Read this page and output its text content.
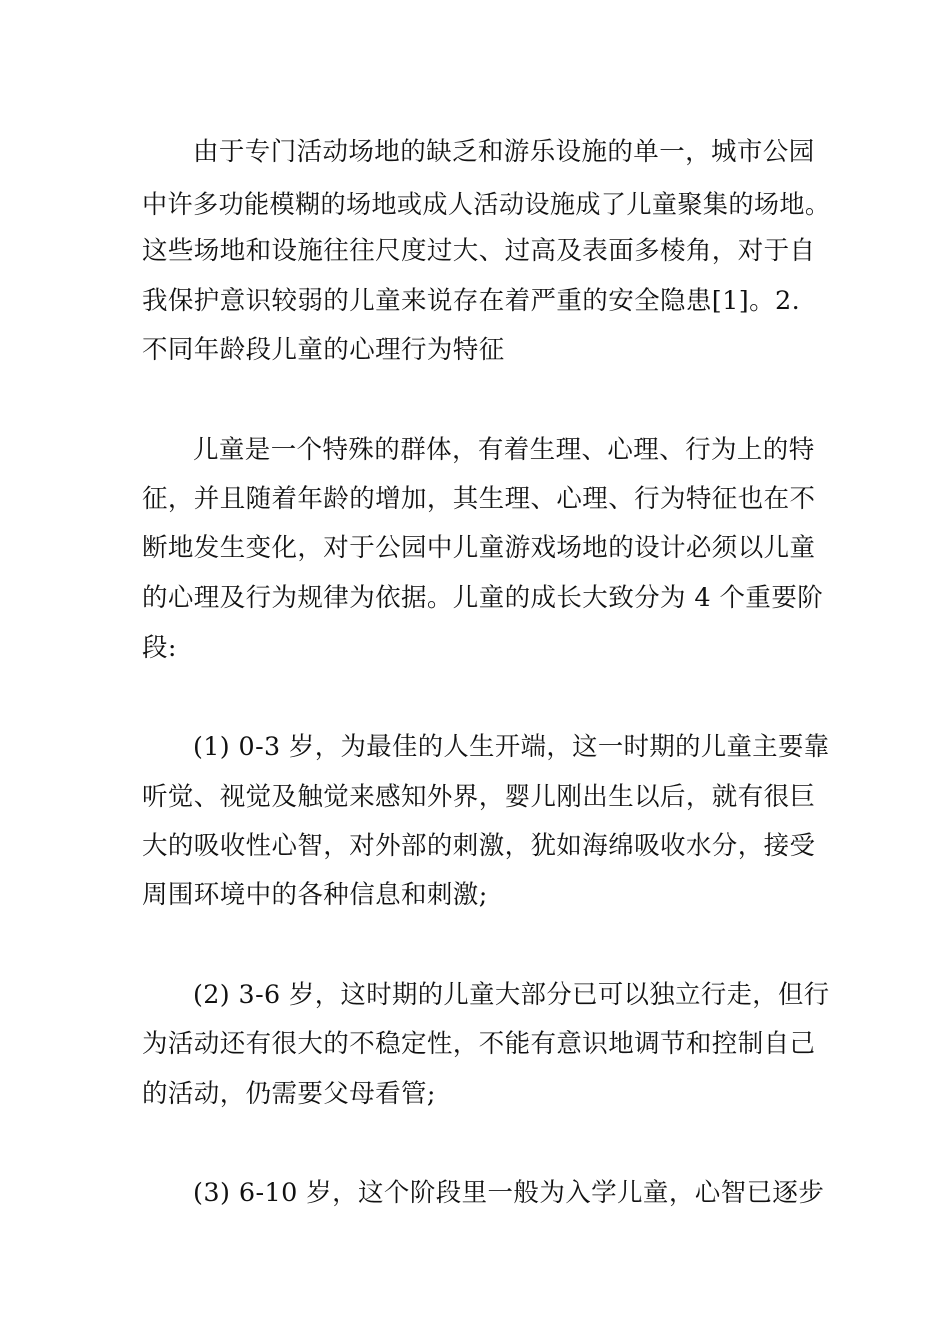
由于专门活动场地的缺乏和游乐设施的单一，城市公园

中许多功能模糊的场地或成人活动设施成了儿童聚集的场地。

这些场地和设施往往尺度过大、过高及表面多棱角，对于自

我保护意识较弱的儿童来说存在着严重的安全隐患[1]。2.

不同年龄段儿童的心理行为特征

儿童是一个特殊的群体，有着生理、心理、行为上的特

征，并且随着年龄的增加，其生理、心理、行为特征也在不

断地发生变化，对于公园中儿童游戏场地的设计必须以儿童

的心理及行为规律为依据。儿童的成长大致分为 4 个重要阶

段:

(1) 0-3 岁，为最佳的人生开端，这一时期的儿童主要靠

听觉、视觉及触觉来感知外界，婴儿刚出生以后，就有很巨

大的吸收性心智，对外部的刺激，犹如海绵吸收水分，接受

周围环境中的各种信息和刺激;

(2) 3-6 岁，这时期的儿童大部分已可以独立行走，但行

为活动还有很大的不稳定性，不能有意识地调节和控制自己

的活动，仍需要父母看管;

(3) 6-10 岁，这个阶段里一般为入学儿童，心智已逐步
